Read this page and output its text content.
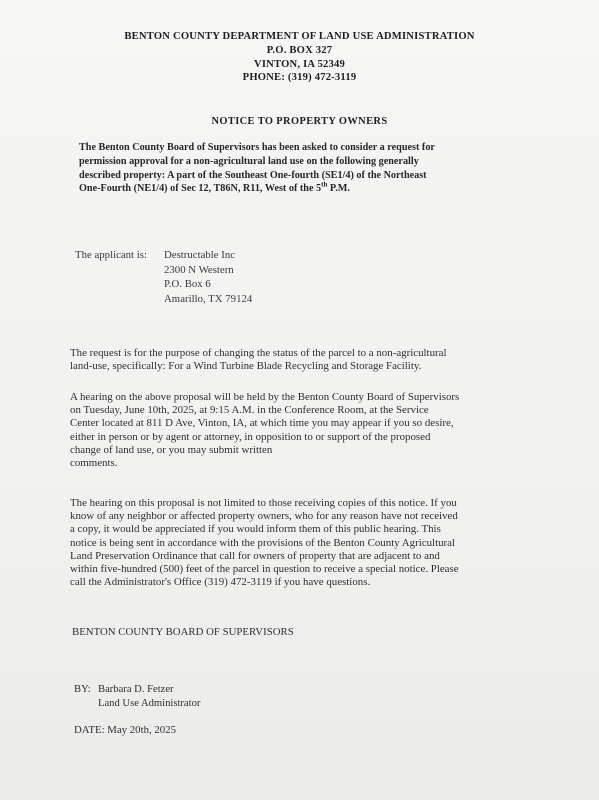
BENTON COUNTY DEPARTMENT OF LAND USE ADMINISTRATION
P.O. BOX 327
VINTON, IA 52349
PHONE: (319) 472-3119
NOTICE TO PROPERTY OWNERS
The Benton County Board of Supervisors has been asked to consider a request for
permission approval for a non-agricultural land use on the following generally
described property: A part of the Southeast One-fourth (SE1/4) of the Northeast
One-Fourth (NE1/4) of Sec 12, T86N, R11, West of the 5th P.M.
The applicant is:	Destructable Inc
2300 N Western
P.O. Box 6
Amarillo, TX 79124
The request is for the purpose of changing the status of the parcel to a non-agricultural
land-use, specifically: For a Wind Turbine Blade Recycling and Storage Facility.
A hearing on the above proposal will be held by the Benton County Board of Supervisors
on Tuesday, June 10th, 2025, at 9:15 A.M. in the Conference Room, at the Service
Center located at 811 D Ave, Vinton, IA, at which time you may appear if you so desire,
either in person or by agent or attorney, in opposition to or support of the proposed
change of land use, or you may submit written
comments.
The hearing on this proposal is not limited to those receiving copies of this notice. If you
know of any neighbor or affected property owners, who for any reason have not received
a copy, it would be appreciated if you would inform them of this public hearing. This
notice is being sent in accordance with the provisions of the Benton County Agricultural
Land Preservation Ordinance that call for owners of property that are adjacent to and
within five-hundred (500) feet of the parcel in question to receive a special notice. Please
call the Administrator's Office (319) 472-3119 if you have questions.
BENTON COUNTY BOARD OF SUPERVISORS
BY: Barbara D. Fetzer
Land Use Administrator
DATE: May 20th, 2025
